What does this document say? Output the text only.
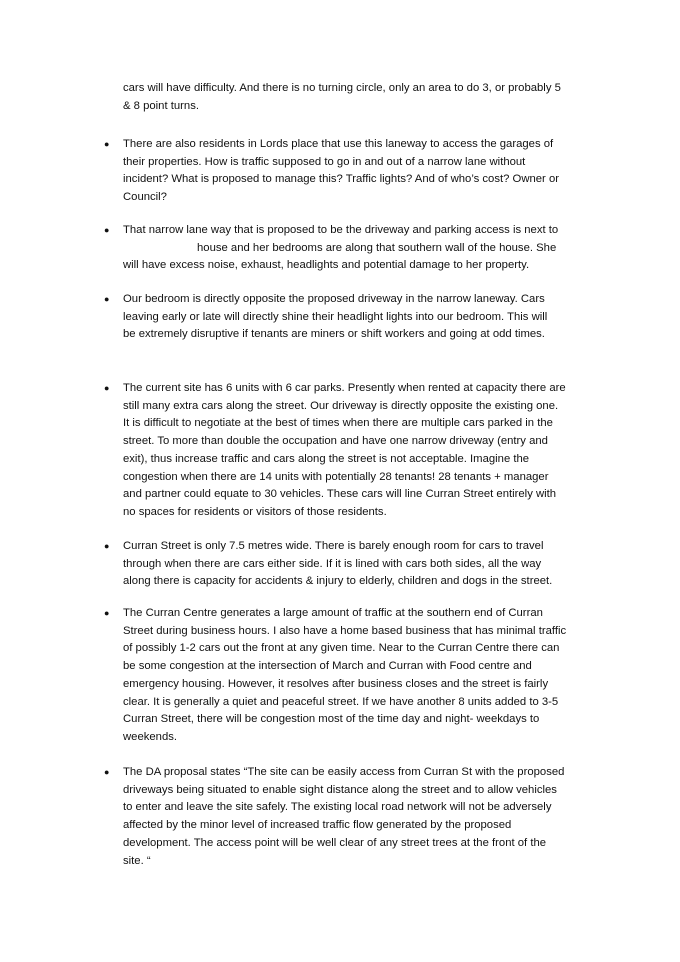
cars will have difficulty. And there is no turning circle, only an area to do 3, or probably 5
& 8 point turns.

● There are also residents in Lords place that use this laneway to access the garages of
their properties. How is traffic supposed to go in and out of a narrow lane without
incident? What is proposed to manage this? Traffic lights? And of who’s cost? Owner or
Council?

● That narrow lane way that is proposed to be the driveway and parking access is next to
house and her bedrooms are along that southern wall of the house. She
will have excess noise, exhaust, headlights and potential damage to her property.

● Our bedroom is directly opposite the proposed driveway in the narrow laneway. Cars
leaving early or late will directly shine their headlight lights into our bedroom. This will
be extremely disruptive if tenants are miners or shift workers and going at odd times.

● The current site has 6 units with 6 car parks. Presently when rented at capacity there are
still many extra cars along the street. Our driveway is directly opposite the existing one.
It is difficult to negotiate at the best of times when there are multiple cars parked in the
street. To more than double the occupation and have one narrow driveway (entry and
exit), thus increase traffic and cars along the street is not acceptable. Imagine the
congestion when there are 14 units with potentially 28 tenants! 28 tenants + manager
and partner could equate to 30 vehicles. These cars will line Curran Street entirely with
no spaces for residents or visitors of those residents.

● Curran Street is only 7.5 metres wide. There is barely enough room for cars to travel
through when there are cars either side. If it is lined with cars both sides, all the way
along there is capacity for accidents & injury to elderly, children and dogs in the street.

● The Curran Centre generates a large amount of traffic at the southern end of Curran
Street during business hours. I also have a home based business that has minimal traffic
of possibly 1-2 cars out the front at any given time. Near to the Curran Centre there can
be some congestion at the intersection of March and Curran with Food centre and
emergency housing. However, it resolves after business closes and the street is fairly
clear. It is generally a quiet and peaceful street. If we have another 8 units added to 3-5
Curran Street, there will be congestion most of the time day and night- weekdays to
weekends.

● The DA proposal states “The site can be easily access from Curran St with the proposed
driveways being situated to enable sight distance along the street and to allow vehicles
to enter and leave the site safely. The existing local road network will not be adversely
affected by the minor level of increased traffic flow generated by the proposed
development. The access point will be well clear of any street trees at the front of the
site. “
